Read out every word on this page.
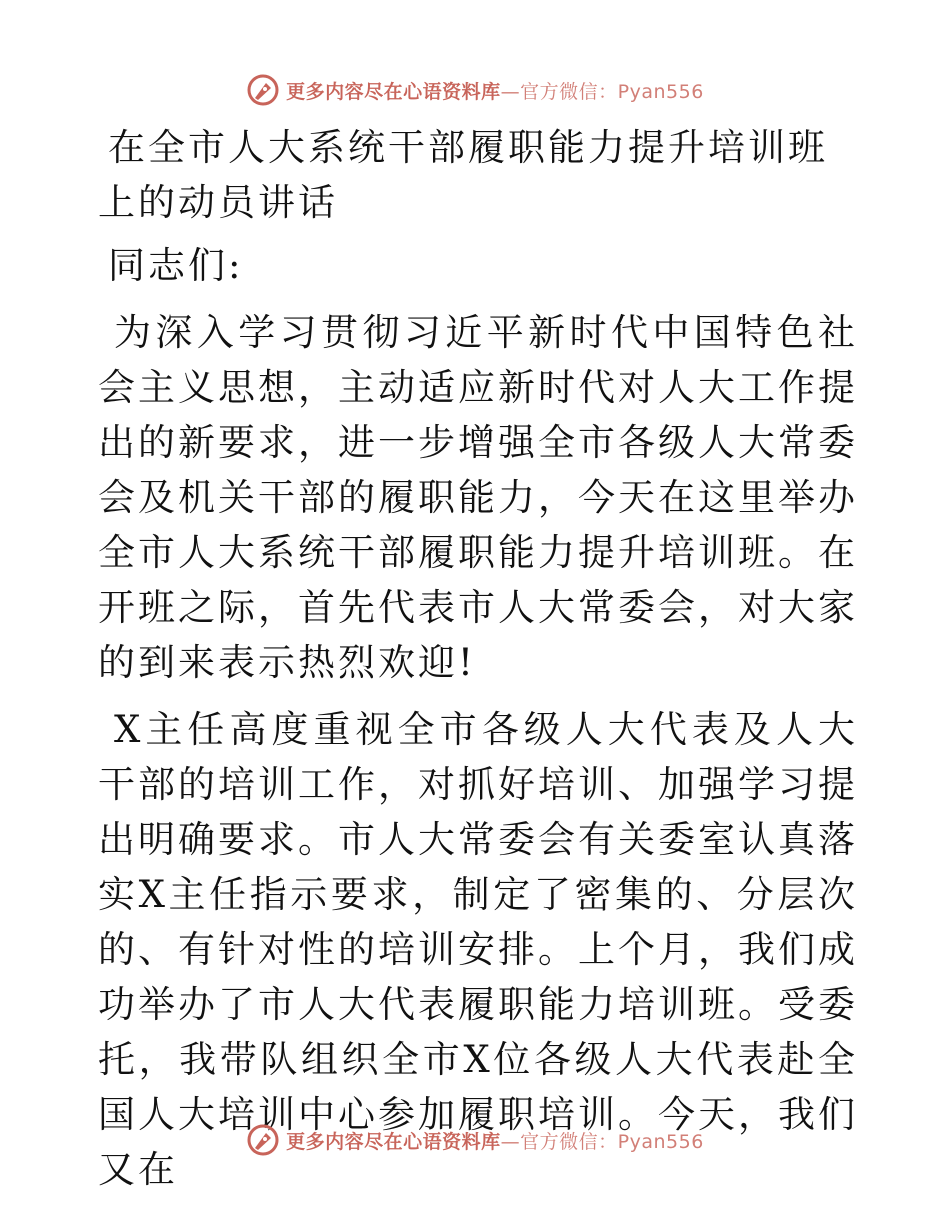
更多内容尽在心语资料库—官方微信：Pyan556

在全市人大系统干部履职能力提升培训班上的动员讲话

同志们:

为深入学习贯彻习近平新时代中国特色社会主义思想，主动适应新时代对人大工作提出的新要求，进一步增强全市各级人大常委会及机关干部的履职能力，今天在这里举办全市人大系统干部履职能力提升培训班。在开班之际，首先代表市人大常委会，对大家的到来表示热烈欢迎!

X主任高度重视全市各级人大代表及人大干部的培训工作，对抓好培训、加强学习提出明确要求。市人大常委会有关委室认真落实X主任指示要求，制定了密集的、分层次的、有针对性的培训安排。上个月，我们成功举办了市人大代表履职能力培训班。受委托，我带队组织全市X位各级人大代表赴全国人大培训中心参加履职培训。今天，我们又在

更多内容尽在心语资料库—官方微信：Pyan556
